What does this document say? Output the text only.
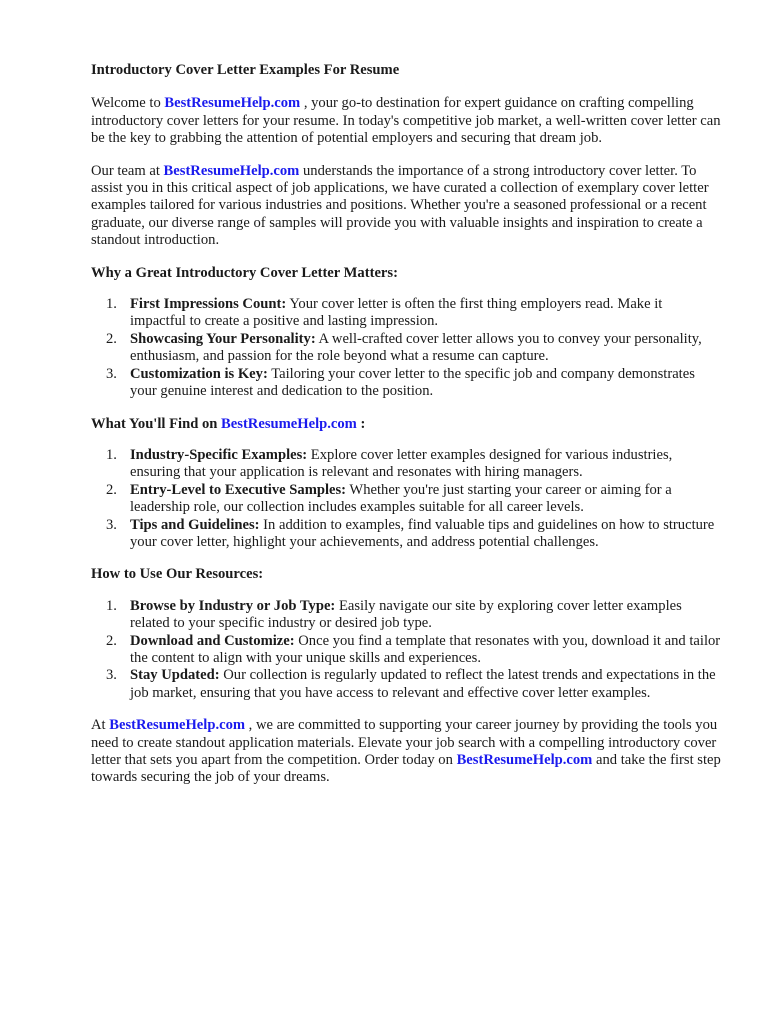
Introductory Cover Letter Examples For Resume

Welcome to BestResumeHelp.com , your go-to destination for expert guidance on crafting compelling introductory cover letters for your resume. In today's competitive job market, a well-written cover letter can be the key to grabbing the attention of potential employers and securing that dream job.

Our team at BestResumeHelp.com understands the importance of a strong introductory cover letter. To assist you in this critical aspect of job applications, we have curated a collection of exemplary cover letter examples tailored for various industries and positions. Whether you're a seasoned professional or a recent graduate, our diverse range of samples will provide you with valuable insights and inspiration to create a standout introduction.

Why a Great Introductory Cover Letter Matters:
1. First Impressions Count: Your cover letter is often the first thing employers read. Make it impactful to create a positive and lasting impression.
2. Showcasing Your Personality: A well-crafted cover letter allows you to convey your personality, enthusiasm, and passion for the role beyond what a resume can capture.
3. Customization is Key: Tailoring your cover letter to the specific job and company demonstrates your genuine interest and dedication to the position.
What You'll Find on BestResumeHelp.com :
1. Industry-Specific Examples: Explore cover letter examples designed for various industries, ensuring that your application is relevant and resonates with hiring managers.
2. Entry-Level to Executive Samples: Whether you're just starting your career or aiming for a leadership role, our collection includes examples suitable for all career levels.
3. Tips and Guidelines: In addition to examples, find valuable tips and guidelines on how to structure your cover letter, highlight your achievements, and address potential challenges.
How to Use Our Resources:
1. Browse by Industry or Job Type: Easily navigate our site by exploring cover letter examples related to your specific industry or desired job type.
2. Download and Customize: Once you find a template that resonates with you, download it and tailor the content to align with your unique skills and experiences.
3. Stay Updated: Our collection is regularly updated to reflect the latest trends and expectations in the job market, ensuring that you have access to relevant and effective cover letter examples.

At BestResumeHelp.com , we are committed to supporting your career journey by providing the tools you need to create standout application materials. Elevate your job search with a compelling introductory cover letter that sets you apart from the competition. Order today on BestResumeHelp.com and take the first step towards securing the job of your dreams.
